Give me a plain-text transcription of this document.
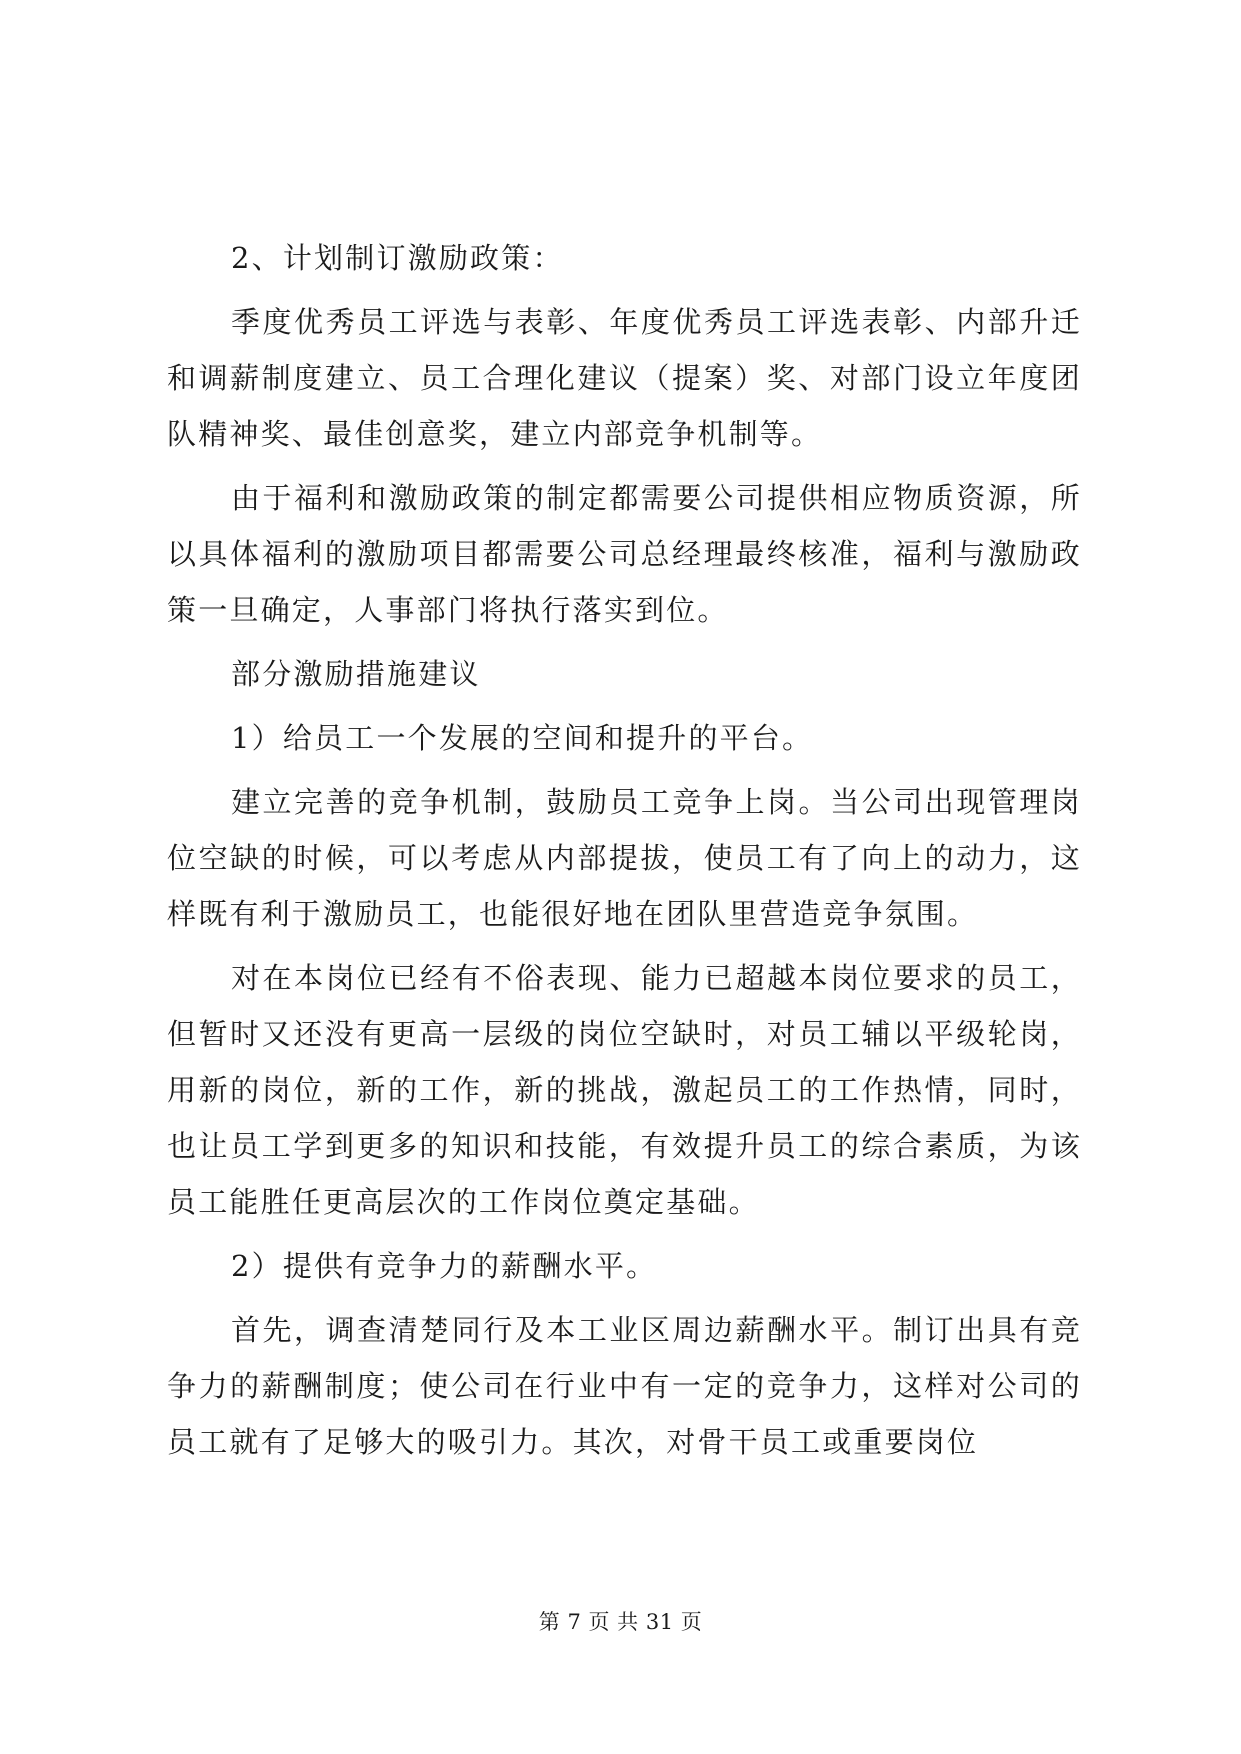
2、计划制订激励政策：

季度优秀员工评选与表彰、年度优秀员工评选表彰、内部升迁和调薪制度建立、员工合理化建议（提案）奖、对部门设立年度团队精神奖、最佳创意奖，建立内部竞争机制等。

由于福利和激励政策的制定都需要公司提供相应物质资源，所以具体福利的激励项目都需要公司总经理最终核准，福利与激励政策一旦确定，人事部门将执行落实到位。

部分激励措施建议

1）给员工一个发展的空间和提升的平台。

建立完善的竞争机制，鼓励员工竞争上岗。当公司出现管理岗位空缺的时候，可以考虑从内部提拔，使员工有了向上的动力，这样既有利于激励员工，也能很好地在团队里营造竞争氛围。

对在本岗位已经有不俗表现、能力已超越本岗位要求的员工，但暂时又还没有更高一层级的岗位空缺时，对员工辅以平级轮岗，用新的岗位，新的工作，新的挑战，激起员工的工作热情，同时，也让员工学到更多的知识和技能，有效提升员工的综合素质，为该员工能胜任更高层次的工作岗位奠定基础。

2）提供有竞争力的薪酬水平。

首先，调查清楚同行及本工业区周边薪酬水平。制订出具有竞争力的薪酬制度；使公司在行业中有一定的竞争力，这样对公司的员工就有了足够大的吸引力。其次，对骨干员工或重要岗位

第 7 页 共 31 页
